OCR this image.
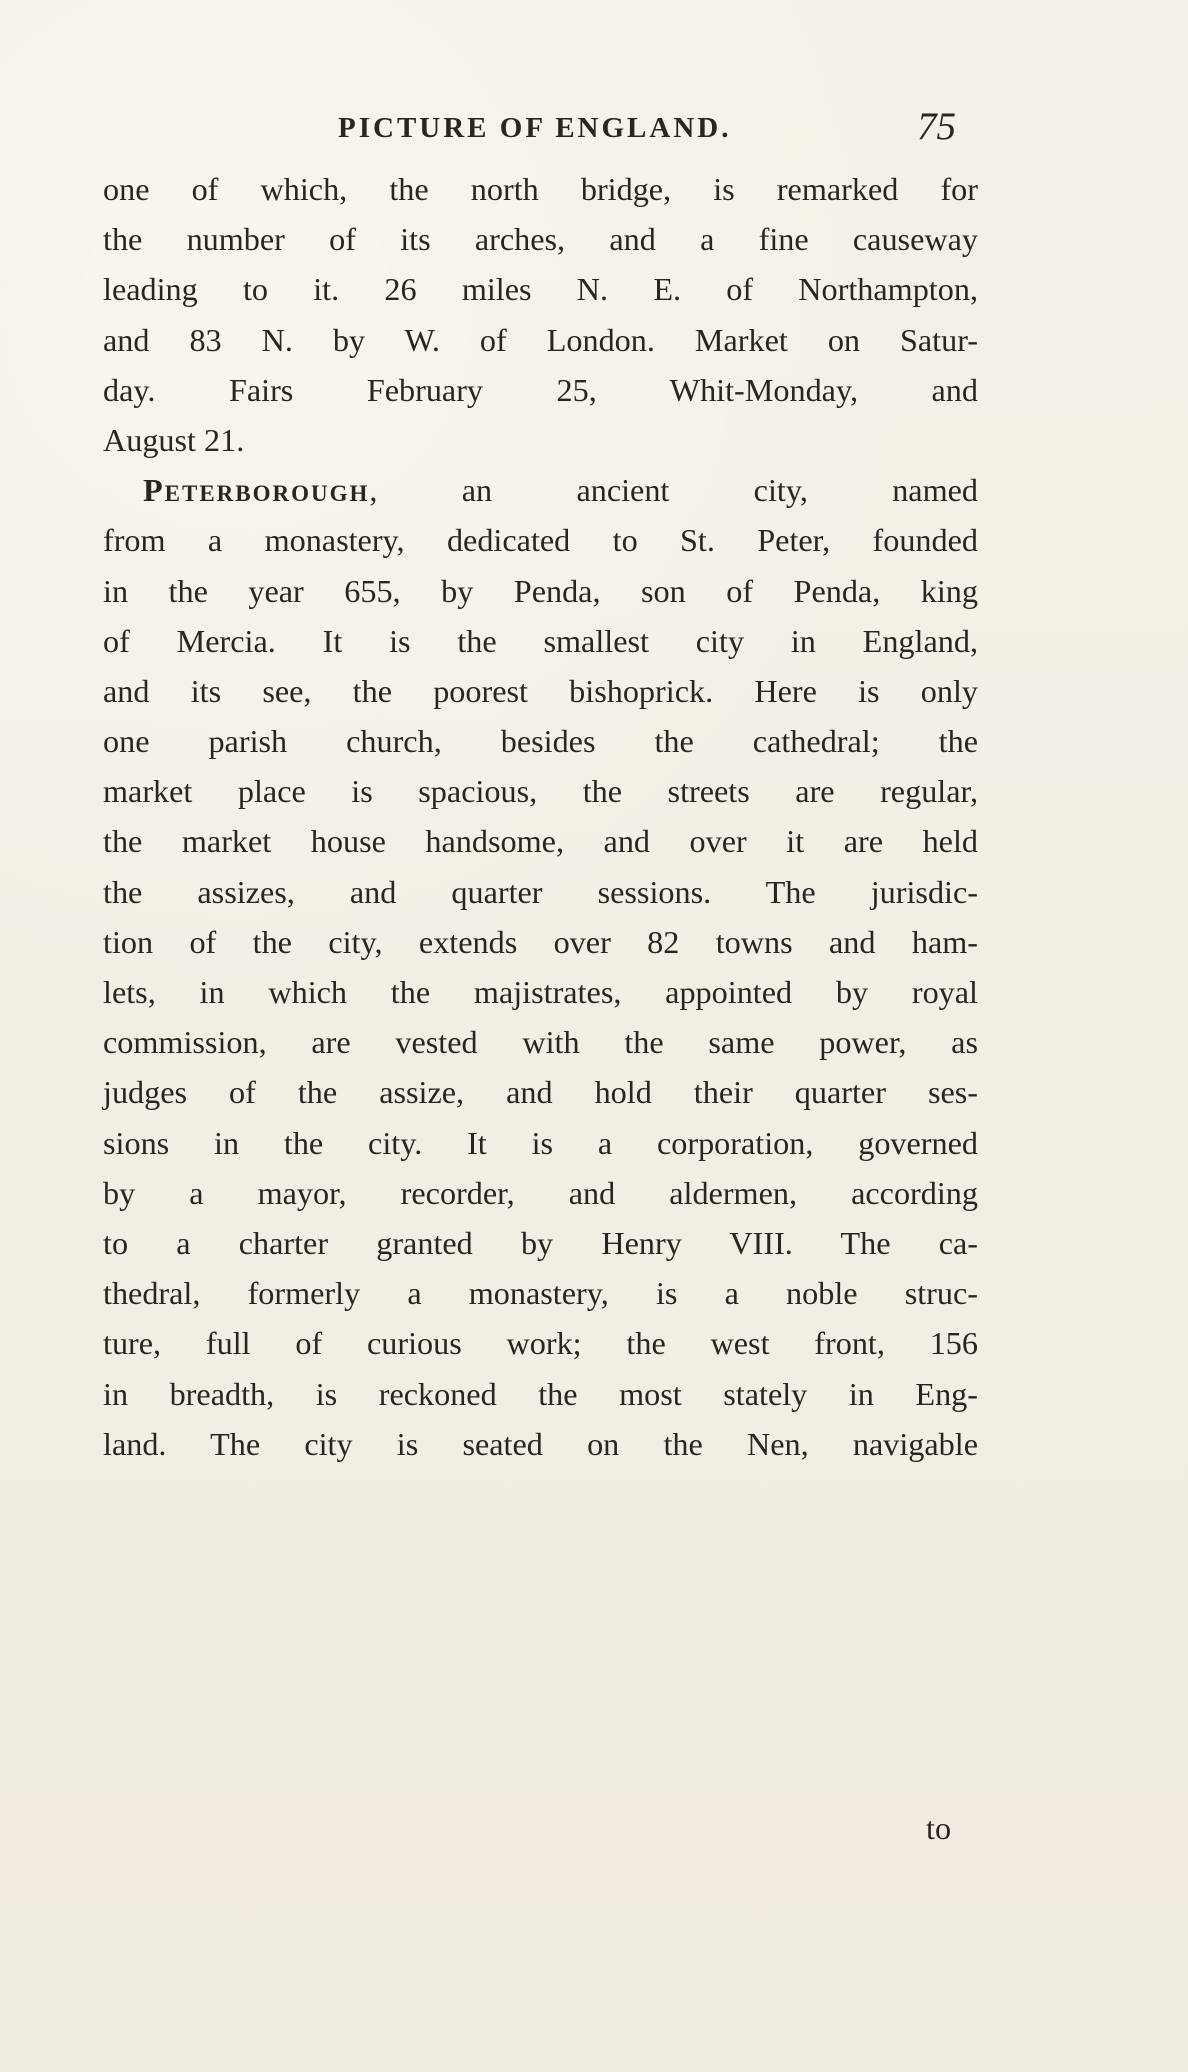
PICTURE OF ENGLAND.	75
one of which, the north bridge, is remarked for
the number of its arches, and a fine causeway
leading to it. 26 miles N. E. of Northampton,
and 83 N. by W. of London. Market on Satur-
day. Fairs February 25, Whit-Monday, and
August 21.
Peterborough, an ancient city, named
from a monastery, dedicated to St. Peter, founded
in the year 655, by Penda, son of Penda, king
of Mercia. It is the smallest city in England,
and its see, the poorest bishoprick. Here is only
one parish church, besides the cathedral; the
market place is spacious, the streets are regular,
the market house handsome, and over it are held
the assizes, and quarter sessions. The jurisdic-
tion of the city, extends over 82 towns and ham-
lets, in which the majistrates, appointed by royal
commission, are vested with the same power, as
judges of the assize, and hold their quarter ses-
sions in the city. It is a corporation, governed
by a mayor, recorder, and aldermen, according
to a charter granted by Henry VIII. The ca-
thedral, formerly a monastery, is a noble struc-
ture, full of curious work; the west front, 156
in breadth, is reckoned the most stately in Eng-
land. The city is seated on the Nen, navigable
to
